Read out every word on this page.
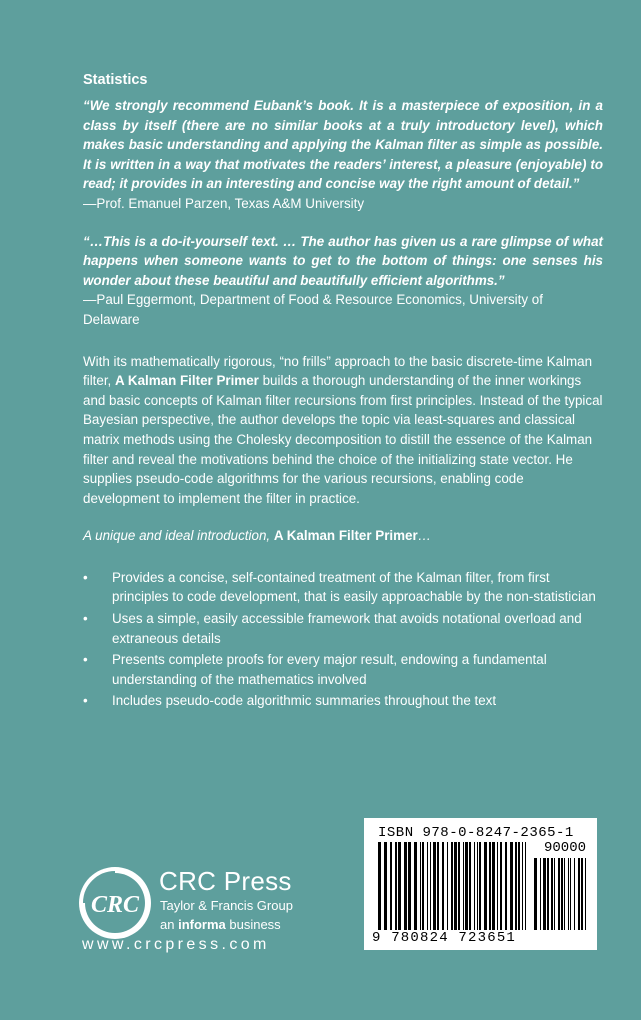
Statistics

“We strongly recommend Eubank’s book. It is a masterpiece of exposition, in a class by itself (there are no similar books at a truly introductory level), which makes basic understanding and applying the Kalman filter as simple as possible. It is written in a way that motivates the readers’ interest, a pleasure (enjoyable) to read; it provides in an interesting and concise way the right amount of detail.”

—Prof. Emanuel Parzen, Texas A&M University

“…This is a do-it-yourself text. … The author has given us a rare glimpse of what happens when someone wants to get to the bottom of things: one senses his wonder about these beautiful and beautifully efficient algorithms.”

—Paul Eggermont, Department of Food & Resource Economics, University of Delaware

With its mathematically rigorous, “no frills” approach to the basic discrete-time Kalman filter, A Kalman Filter Primer builds a thorough understanding of the inner workings and basic concepts of Kalman filter recursions from first principles. Instead of the typical Bayesian perspective, the author develops the topic via least-squares and classical matrix methods using the Cholesky decomposition to distill the essence of the Kalman filter and reveal the motivations behind the choice of the initializing state vector. He supplies pseudo-code algorithms for the various recursions, enabling code development to implement the filter in practice.

A unique and ideal introduction, A Kalman Filter Primer…

• Provides a concise, self-contained treatment of the Kalman filter, from first principles to code development, that is easily approachable by the non-statistician
• Uses a simple, easily accessible framework that avoids notational overload and extraneous details
• Presents complete proofs for every major result, endowing a fundamental understanding of the mathematics involved
• Includes pseudo-code algorithmic summaries throughout the text
CRC
CRC Press
Taylor & Francis Group
an informa business
www.crcpress.com
ISBN 978-0-8247-2365-1
90000
9 780824 723651
